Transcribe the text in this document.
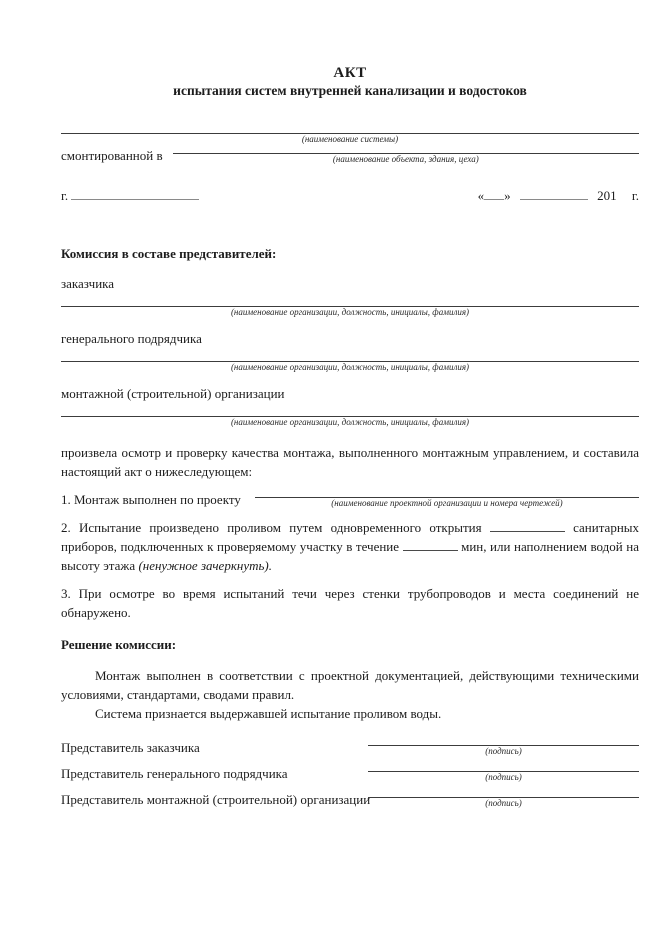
АКТ
испытания систем внутренней канализации и водостоков
(наименование системы)
смонтированной в	(наименование объекта, здания, цеха)
г.	« »	201 г.
Комиссия в составе представителей:
заказчика
(наименование организации, должность, инициалы, фамилия)
генерального подрядчика
(наименование организации, должность, инициалы, фамилия)
монтажной (строительной) организации
(наименование организации, должность, инициалы, фамилия)
произвела осмотр и проверку качества монтажа, выполненного монтажным управлением, и составила настоящий акт о нижеследующем:
1. Монтаж выполнен по проекту	(наименование проектной организации и номера чертежей)
2. Испытание произведено проливом путем одновременного открытия	санитарных приборов, подключенных к проверяемому участку в течение	мин, или наполнением водой на высоту этажа (ненужное зачеркнуть).
3. При осмотре во время испытаний течи через стенки трубопроводов и места соединений не обнаружено.
Решение комиссии:
Монтаж выполнен в соответствии с проектной документацией, действующими техническими условиями, стандартами, сводами правил.
Система признается выдержавшей испытание проливом воды.
Представитель заказчика	(подпись)
Представитель генерального подрядчика	(подпись)
Представитель монтажной (строительной) организации	(подпись)
